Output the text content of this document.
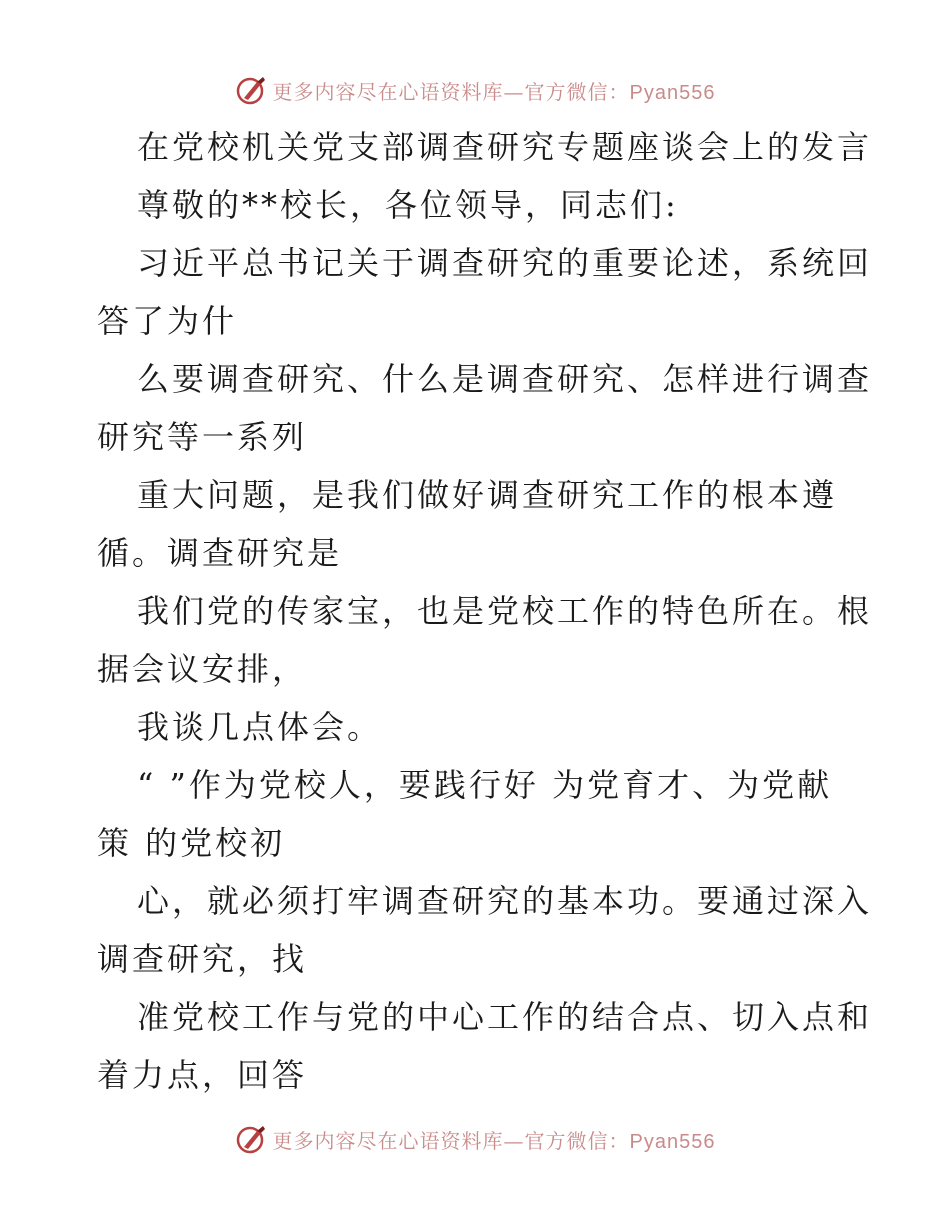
更多内容尽在心语资料库—官方微信：Pyan556
在党校机关党支部调查研究专题座谈会上的发言
尊敬的**校长，各位领导，同志们:
习近平总书记关于调查研究的重要论述，系统回
答了为什
么要调查研究、什么是调查研究、怎样进行调查
研究等一系列
重大问题，是我们做好调查研究工作的根本遵
循。调查研究是
我们党的传家宝，也是党校工作的特色所在。根
据会议安排，
我谈几点体会。
“ ”作为党校人，要践行好 为党育才、为党献
策 的党校初
心，就必须打牢调查研究的基本功。要通过深入
调查研究，找
准党校工作与党的中心工作的结合点、切入点和
着力点，回答
更多内容尽在心语资料库—官方微信：Pyan556
